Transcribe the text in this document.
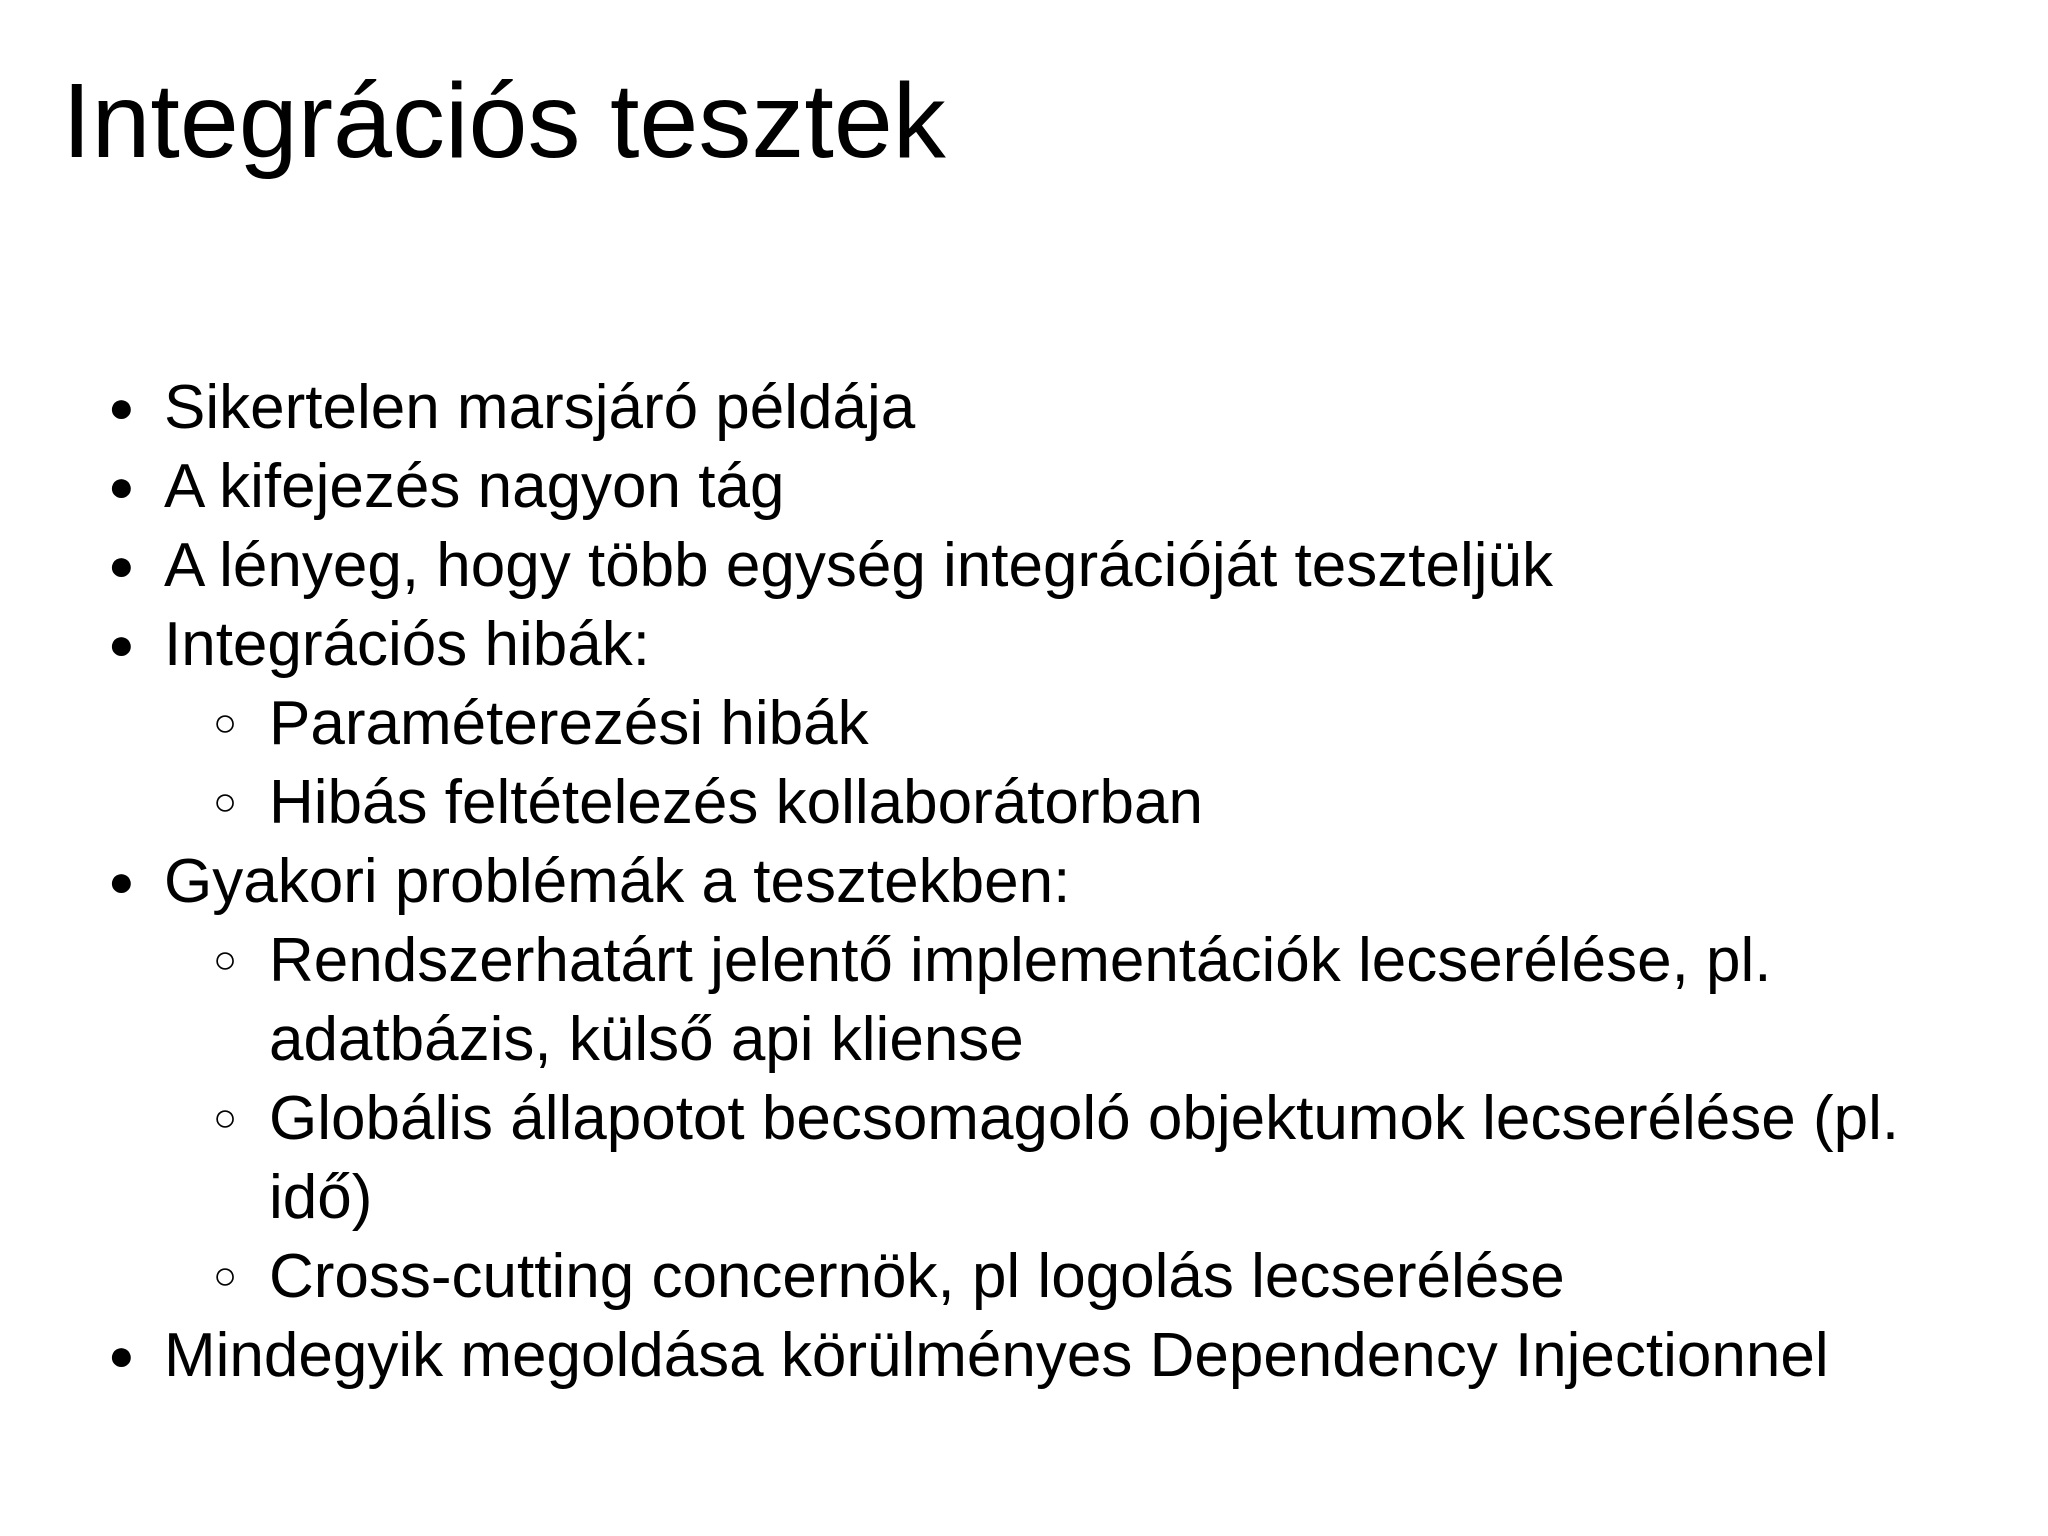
Integrációs tesztek
● Sikertelen marsjáró példája
● A kifejezés nagyon tág
● A lényeg, hogy több egység integrációját teszteljük
● Integrációs hibák:
○ Paraméterezési hibák
○ Hibás feltételezés kollaborátorban
● Gyakori problémák a tesztekben:
○ Rendszerhatárt jelentő implementációk lecserélése, pl. adatbázis, külső api kliense
○ Globális állapotot becsomagoló objektumok lecserélése (pl. idő)
○ Cross-cutting concernök, pl logolás lecserélése
● Mindegyik megoldása körülményes Dependency Injectionnel
